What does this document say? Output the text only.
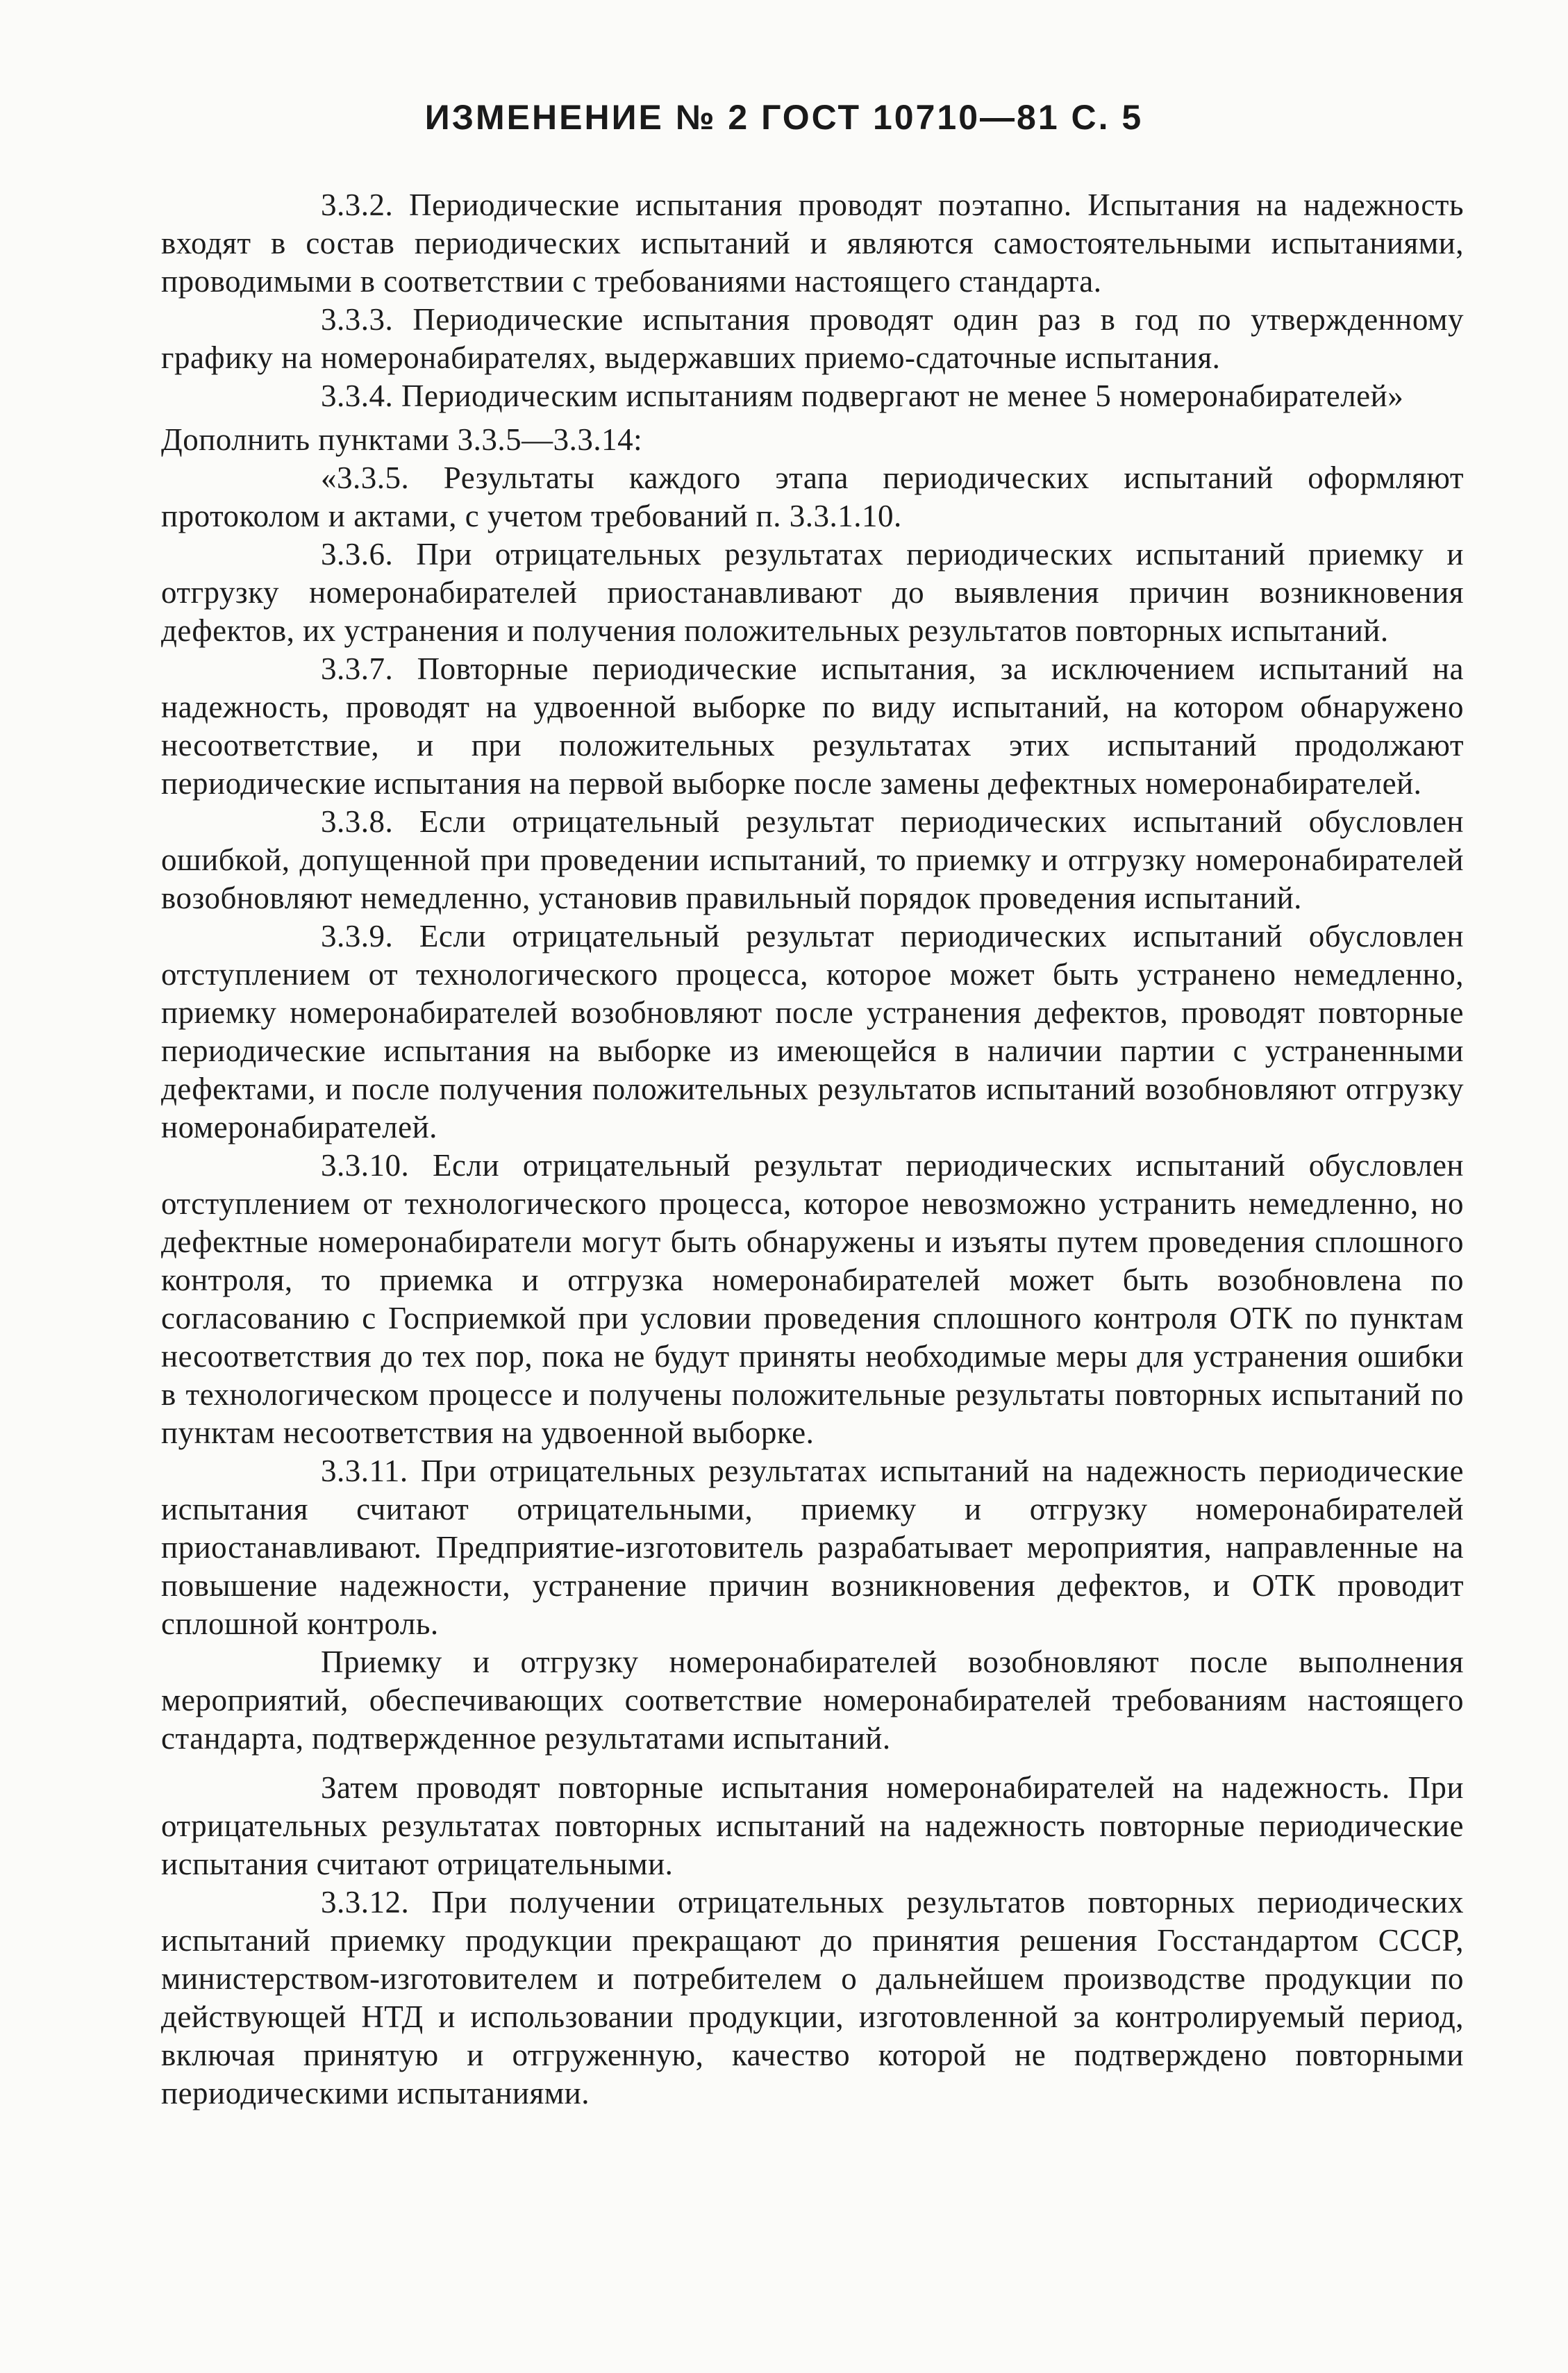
ИЗМЕНЕНИЕ № 2 ГОСТ 10710—81 С. 5

3.3.2. Периодические испытания проводят поэтапно. Испытания на надежность входят в состав периодических испытаний и являются самостоятельными испытаниями, проводимыми в соответствии с требованиями настоящего стандарта.

3.3.3. Периодические испытания проводят один раз в год по утвержденному графику на номеронабирателях, выдержавших приемо-сдаточные испытания.

3.3.4. Периодическим испытаниям подвергают не менее 5 номеронабирателей»

Дополнить пунктами 3.3.5—3.3.14:

«3.3.5. Результаты каждого этапа периодических испытаний оформляют протоколом и актами, с учетом требований п. 3.3.1.10.

3.3.6. При отрицательных результатах периодических испытаний приемку и отгрузку номеронабирателей приостанавливают до выявления причин возникновения дефектов, их устранения и получения положительных результатов повторных испытаний.

3.3.7. Повторные периодические испытания, за исключением испытаний на надежность, проводят на удвоенной выборке по виду испытаний, на котором обнаружено несоответствие, и при положительных результатах этих испытаний продолжают периодические испытания на первой выборке после замены дефектных номеронабирателей.

3.3.8. Если отрицательный результат периодических испытаний обусловлен ошибкой, допущенной при проведении испытаний, то приемку и отгрузку номеронабирателей возобновляют немедленно, установив правильный порядок проведения испытаний.

3.3.9. Если отрицательный результат периодических испытаний обусловлен отступлением от технологического процесса, которое может быть устранено немедленно, приемку номеронабирателей возобновляют после устранения дефектов, проводят повторные периодические испытания на выборке из имеющейся в наличии партии с устраненными дефектами, и после получения положительных результатов испытаний возобновляют отгрузку номеронабирателей.

3.3.10. Если отрицательный результат периодических испытаний обусловлен отступлением от технологического процесса, которое невозможно устранить немедленно, но дефектные номеронабиратели могут быть обнаружены и изъяты путем проведения сплошного контроля, то приемка и отгрузка номеронабирателей может быть возобновлена по согласованию с Госприемкой при условии проведения сплошного контроля ОТК по пунктам несоответствия до тех пор, пока не будут приняты необходимые меры для устранения ошибки в технологическом процессе и получены положительные результаты повторных испытаний по пунктам несоответствия на удвоенной выборке.

3.3.11. При отрицательных результатах испытаний на надежность периодические испытания считают отрицательными, приемку и отгрузку номеронабирателей приостанавливают. Предприятие-изготовитель разрабатывает мероприятия, направленные на повышение надежности, устранение причин возникновения дефектов, и ОТК проводит сплошной контроль.

Приемку и отгрузку номеронабирателей возобновляют после выполнения мероприятий, обеспечивающих соответствие номеронабирателей требованиям настоящего стандарта, подтвержденное результатами испытаний.

Затем проводят повторные испытания номеронабирателей на надежность. При отрицательных результатах повторных испытаний на надежность повторные периодические испытания считают отрицательными.

3.3.12. При получении отрицательных результатов повторных периодических испытаний приемку продукции прекращают до принятия решения Госстандартом СССР, министерством-изготовителем и потребителем о дальнейшем производстве продукции по действующей НТД и использовании продукции, изготовленной за контролируемый период, включая принятую и отгруженную, качество которой не подтверждено повторными периодическими испытаниями.
